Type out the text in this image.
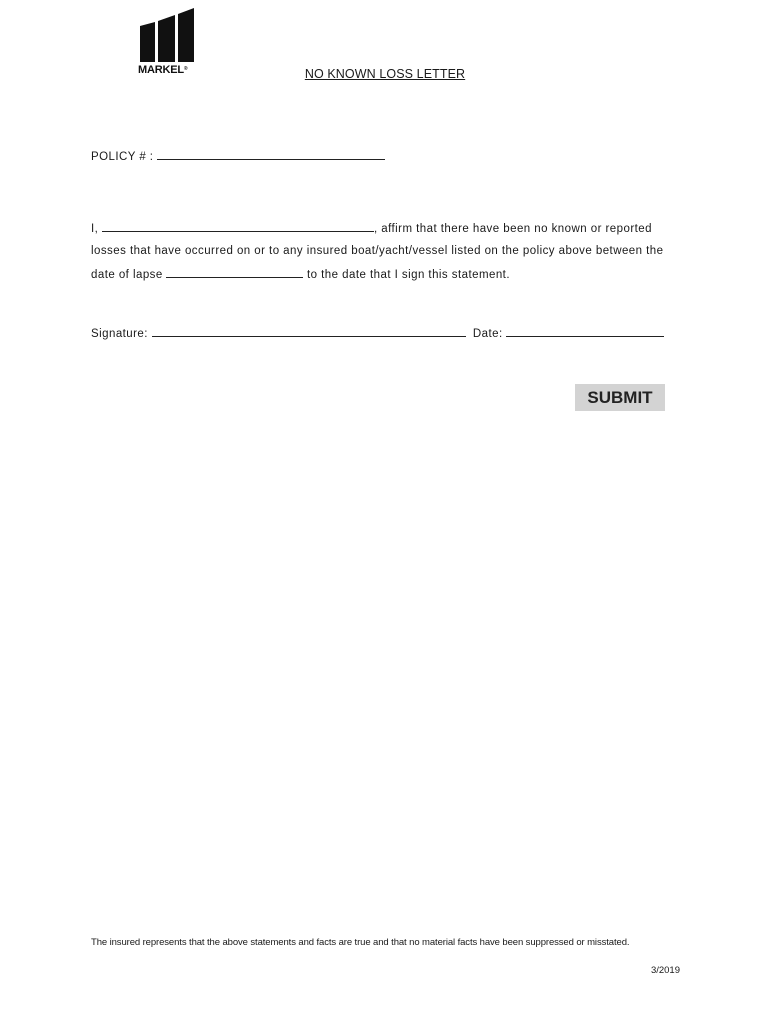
MARKEL®	NO KNOWN LOSS LETTER
POLICY # :
I,	, affirm that there have been no known or reported
losses that have occurred on or to any insured boat/yacht/vessel listed on the policy above between the
date of lapse	to the date that I sign this statement.
Signature:	Date:
SUBMIT
The insured represents that the above statements and facts are true and that no material facts have been suppressed or misstated.
3/2019
